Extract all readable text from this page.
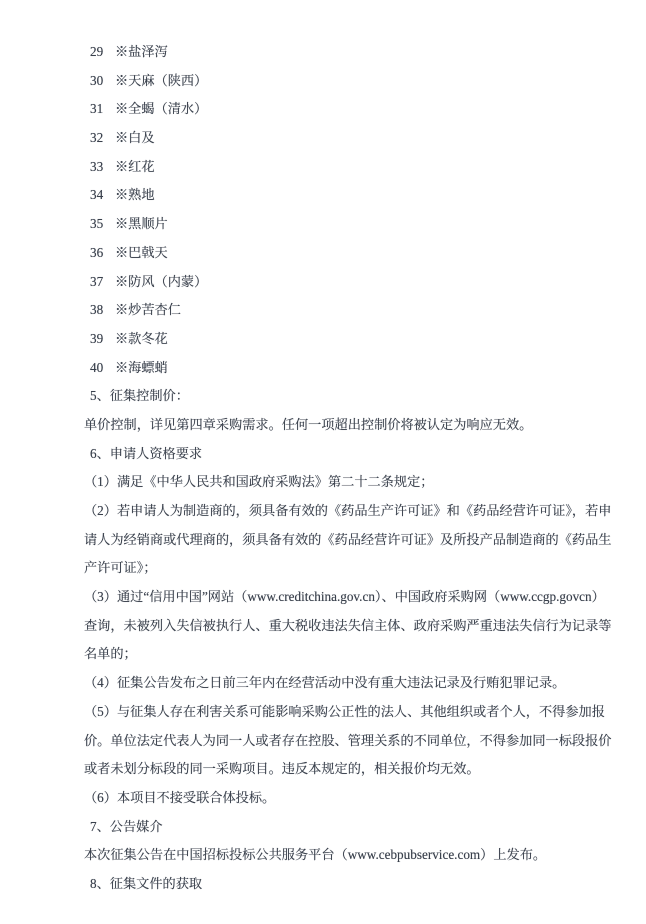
29 ※盐泽泻
30 ※天麻（陕西）
31 ※全蝎（清水）
32 ※白及
33 ※红花
34 ※熟地
35 ※黑顺片
36 ※巴戟天
37 ※防风（内蒙）
38 ※炒苦杏仁
39 ※款冬花
40 ※海螵蛸
5、征集控制价：
单价控制，详见第四章采购需求。任何一项超出控制价将被认定为响应无效。
6、申请人资格要求
（1）满足《中华人民共和国政府采购法》第二十二条规定；
（2）若申请人为制造商的，须具备有效的《药品生产许可证》和《药品经营许可证》，若申
请人为经销商或代理商的，须具备有效的《药品经营许可证》及所投产品制造商的《药品生
产许可证》；
（3）通过“信用中国”网站（www.creditchina.gov.cn）、中国政府采购网（www.ccgp.govcn）
查询，未被列入失信被执行人、重大税收违法失信主体、政府采购严重违法失信行为记录等
名单的；
（4）征集公告发布之日前三年内在经营活动中没有重大违法记录及行贿犯罪记录。
（5）与征集人存在利害关系可能影响采购公正性的法人、其他组织或者个人，不得参加报
价。单位法定代表人为同一人或者存在控股、管理关系的不同单位，不得参加同一标段报价
或者未划分标段的同一采购项目。违反本规定的，相关报价均无效。
（6）本项目不接受联合体投标。
7、公告媒介
本次征集公告在中国招标投标公共服务平台（www.cebpubservice.com）上发布。
8、征集文件的获取
